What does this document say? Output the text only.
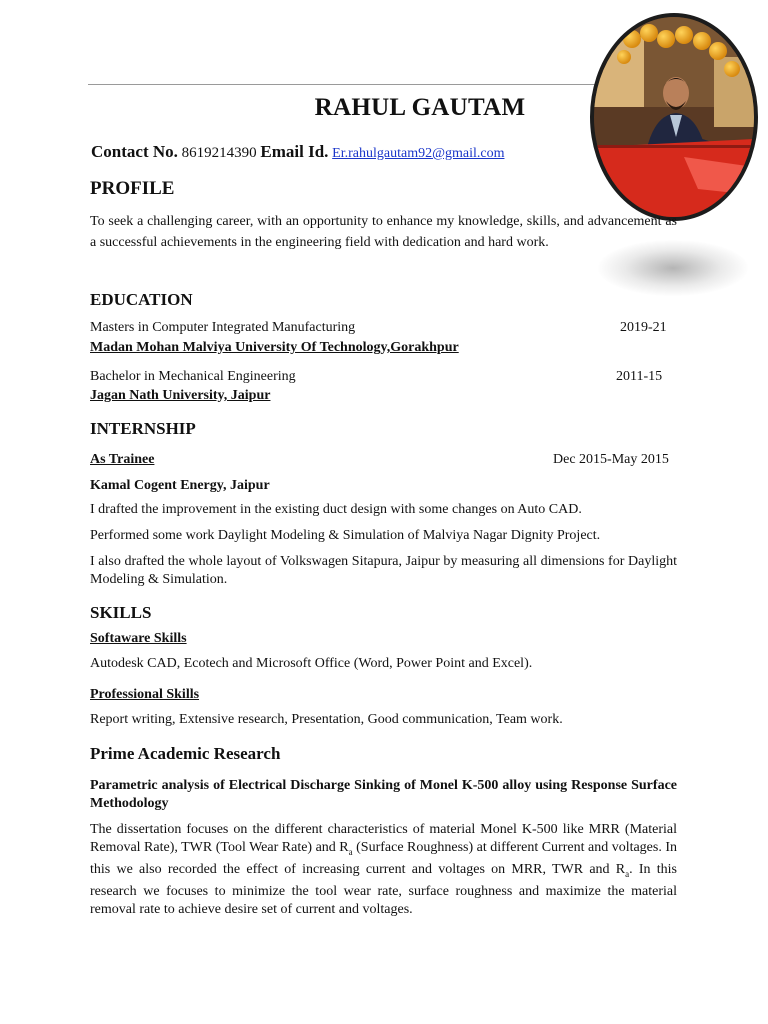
RAHUL GAUTAM
Contact No. 8619214390 Email Id. Er.rahulgautam92@gmail.com
PROFILE
To seek a challenging career, with an opportunity to enhance my knowledge, skills, and advancement as a successful achievements in the engineering field with dedication and hard work.
EDUCATION
Masters in Computer Integrated Manufacturing	2019-21
Madan Mohan Malviya University Of Technology,Gorakhpur
Bachelor in Mechanical Engineering	2011-15
Jagan Nath University, Jaipur
INTERNSHIP
As Trainee	Dec 2015-May 2015
Kamal Cogent Energy, Jaipur
I drafted the improvement in the existing duct design with some changes on Auto CAD.
Performed some work Daylight Modeling & Simulation of Malviya Nagar Dignity Project.
I also drafted the whole layout of Volkswagen Sitapura, Jaipur by measuring all dimensions for Daylight Modeling & Simulation.
SKILLS
Softaware Skills
Autodesk CAD, Ecotech and Microsoft Office (Word, Power Point and Excel).
Professional Skills
Report writing, Extensive research, Presentation, Good communication, Team work.
Prime Academic Research
Parametric analysis of Electrical Discharge Sinking of Monel K-500 alloy using Response Surface Methodology
The dissertation focuses on the different characteristics of material Monel K-500 like MRR (Material Removal Rate), TWR (Tool Wear Rate) and $R_a$ (Surface Roughness) at different Current and voltages. In this we also recorded the effect of increasing current and voltages on MRR, TWR and $R_a$. In this research we focuses to minimize the tool wear rate, surface roughness and maximize the material removal rate to achieve desire set of current and voltages.
